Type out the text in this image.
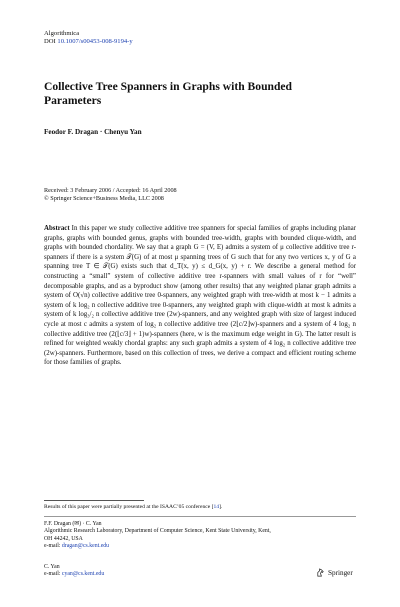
Algorithmica
DOI 10.1007/s00453-008-9194-y
Collective Tree Spanners in Graphs with Bounded Parameters
Feodor F. Dragan · Chenyu Yan
Received: 3 February 2006 / Accepted: 16 April 2008
© Springer Science+Business Media, LLC 2008
Abstract In this paper we study collective additive tree spanners for special families of graphs including planar graphs, graphs with bounded genus, graphs with bounded tree-width, graphs with bounded clique-width, and graphs with bounded chordality. We say that a graph G = (V, E) admits a system of μ collective additive tree r-spanners if there is a system 𝒯(G) of at most μ spanning trees of G such that for any two vertices x, y of G a spanning tree T ∈ 𝒯(G) exists such that d_T(x, y) ≤ d_G(x, y) + r. We describe a general method for constructing a “small” system of collective additive tree r-spanners with small values of r for “well” decomposable graphs, and as a byproduct show (among other results) that any weighted planar graph admits a system of O(√n) collective additive tree 0-spanners, any weighted graph with tree-width at most k − 1 admits a system of k log₂ n collective additive tree 0-spanners, any weighted graph with clique-width at most k admits a system of k log₃/₂ n collective additive tree (2w)-spanners, and any weighted graph with size of largest induced cycle at most c admits a system of log₂ n collective additive tree (2⌊c/2⌋w)-spanners and a system of 4 log₂ n collective additive tree (2(⌊c/3⌋ + 1)w)-spanners (here, w is the maximum edge weight in G). The latter result is refined for weighted weakly chordal graphs: any such graph admits a system of 4 log₂ n collective additive tree (2w)-spanners. Furthermore, based on this collection of trees, we derive a compact and efficient routing scheme for those families of graphs.
Results of this paper were partially presented at the ISAAC’05 conference [14].
F.F. Dragan (✉) · C. Yan
Algorithmic Research Laboratory, Department of Computer Science, Kent State University, Kent,
OH 44242, USA
e-mail: dragan@cs.kent.edu
C. Yan
e-mail: cyan@cs.kent.edu	Springer
